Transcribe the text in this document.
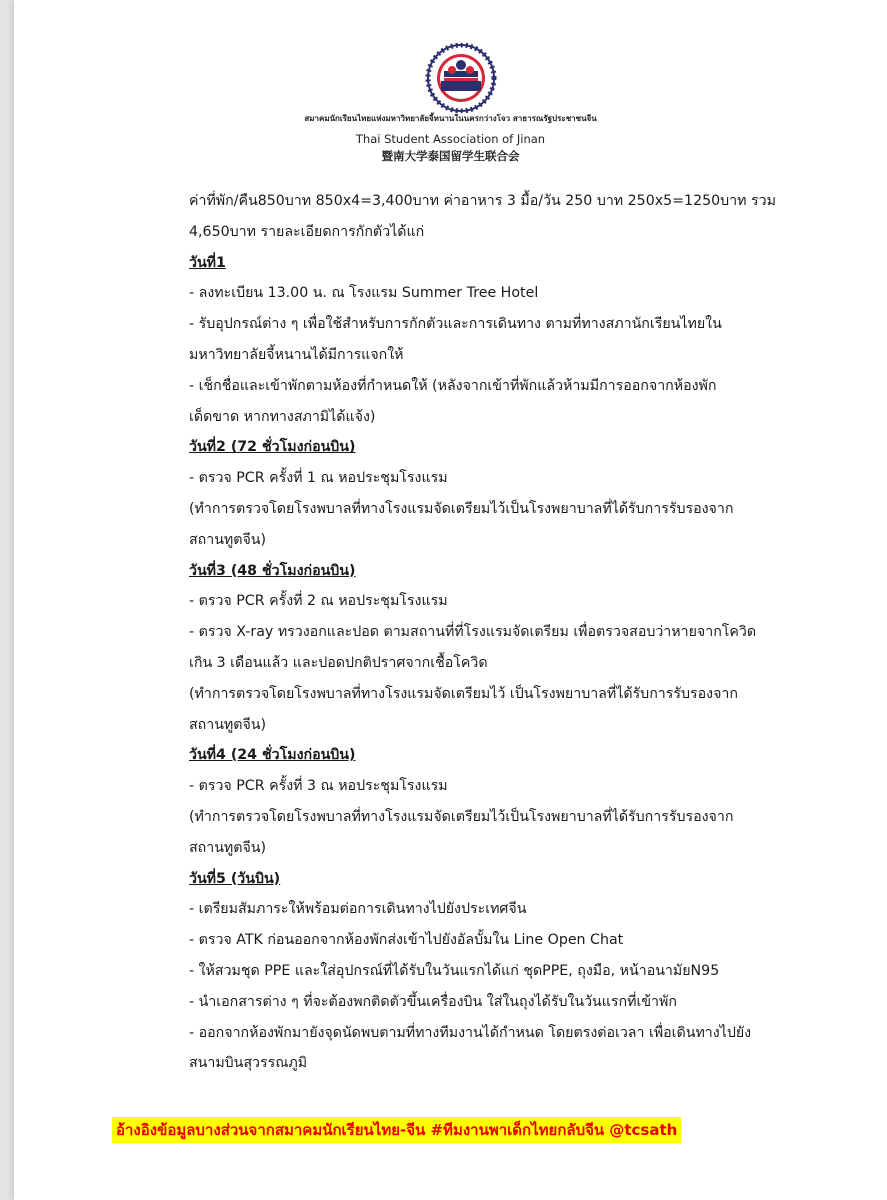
สมาคมนักเรียนไทยแห่งมหาวิทยาลัยจี้หนานในนครกว่างโจว สาธารณรัฐประชาชนจีน
Thai Student Association of Jinan
暨南大学泰国留学生联合会
ค่าที่พัก/คืน850บาท 850x4=3,400บาท ค่าอาหาร 3 มื้อ/วัน 250 บาท 250x5=1250บาท รวม
4,650บาท รายละเอียดการกักตัวได้แก่
วันที่1
- ลงทะเบียน 13.00 น. ณ โรงแรม Summer Tree Hotel
- รับอุปกรณ์ต่าง ๆ เพื่อใช้สำหรับการกักตัวและการเดินทาง ตามที่ทางสภานักเรียนไทยใน
มหาวิทยาลัยจี้หนานได้มีการแจกให้
- เช็กชื่อและเข้าพักตามห้องที่กำหนดให้ (หลังจากเข้าที่พักแล้วห้ามมีการออกจากห้องพัก
เด็ดขาด หากทางสภามิได้แจ้ง)
วันที่2 (72 ชั่วโมงก่อนบิน)
- ตรวจ PCR ครั้งที่ 1 ณ หอประชุมโรงแรม
(ทำการตรวจโดยโรงพบาลที่ทางโรงแรมจัดเตรียมไว้เป็นโรงพยาบาลที่ได้รับการรับรองจาก
สถานทูตจีน)
วันที่3 (48 ชั่วโมงก่อนบิน)
- ตรวจ PCR ครั้งที่ 2 ณ หอประชุมโรงแรม
- ตรวจ X-ray ทรวงอกและปอด ตามสถานที่ที่โรงแรมจัดเตรียม เพื่อตรวจสอบว่าหายจากโควิด
เกิน 3 เดือนแล้ว และปอดปกติปราศจากเชื้อโควิด
(ทำการตรวจโดยโรงพบาลที่ทางโรงแรมจัดเตรียมไว้ เป็นโรงพยาบาลที่ได้รับการรับรองจาก
สถานทูตจีน)
วันที่4 (24 ชั่วโมงก่อนบิน)
- ตรวจ PCR ครั้งที่ 3 ณ หอประชุมโรงแรม
(ทำการตรวจโดยโรงพบาลที่ทางโรงแรมจัดเตรียมไว้เป็นโรงพยาบาลที่ได้รับการรับรองจาก
สถานทูตจีน)
วันที่5 (วันบิน)
- เตรียมสัมภาระให้พร้อมต่อการเดินทางไปยังประเทศจีน
- ตรวจ ATK ก่อนออกจากห้องพักส่งเข้าไปยังอัลบั้มใน Line Open Chat
- ให้สวมชุด PPE และใส่อุปกรณ์ที่ได้รับในวันแรกได้แก่ ชุดPPE, ถุงมือ, หน้าอนามัยN95
- นำเอกสารต่าง ๆ ที่จะต้องพกติดตัวขึ้นเครื่องบิน ใส่ในถุงได้รับในวันแรกที่เข้าพัก
- ออกจากห้องพักมายังจุดนัดพบตามที่ทางทีมงานได้กำหนด โดยตรงต่อเวลา เพื่อเดินทางไปยัง
สนามบินสุวรรณภูมิ
อ้างอิงข้อมูลบางส่วนจากสมาคมนักเรียนไทย-จีน #ทีมงานพาเด็กไทยกลับจีน @tcsath
